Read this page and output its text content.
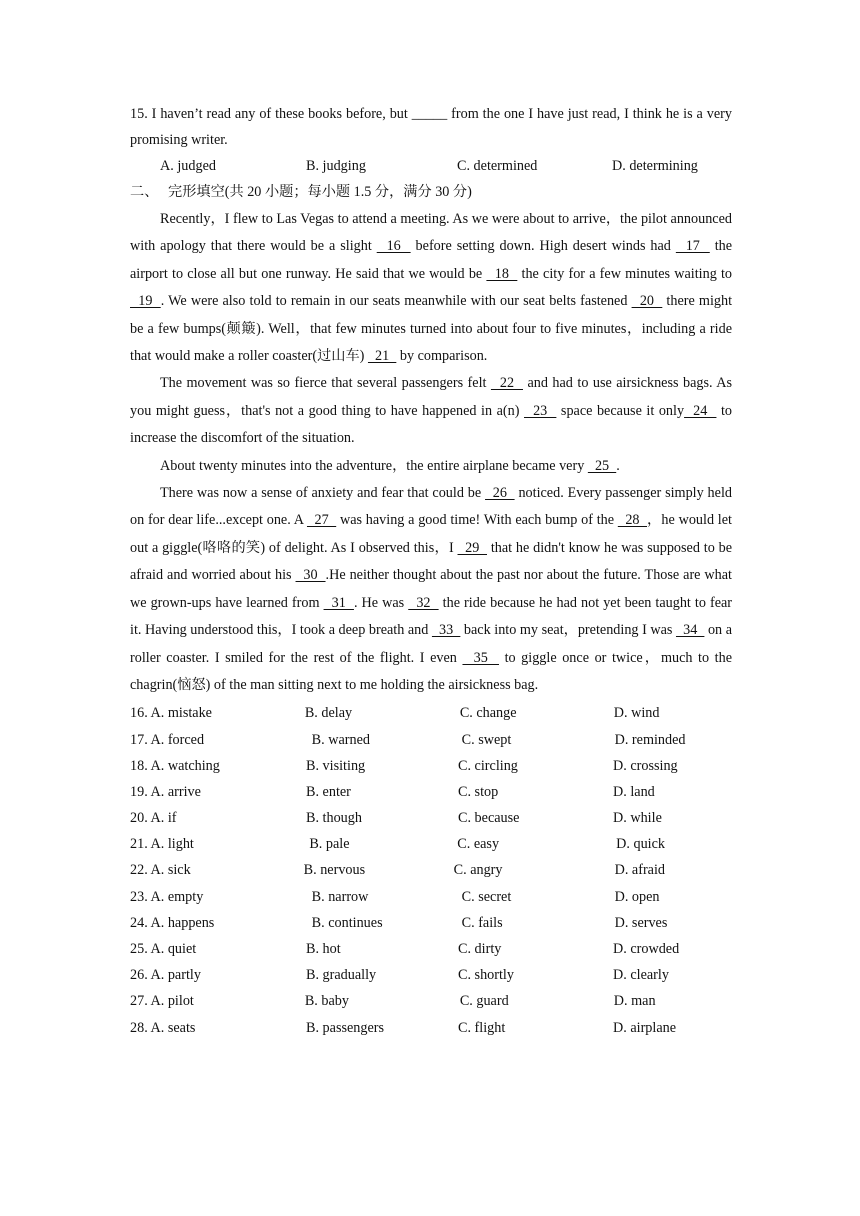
15. I haven’t read any of these books before, but _____ from the one I have just read, I think he is a very promising writer.

A. judged	B. judging	C. determined	D. determining
二、 完形填空(共 20 小题；每小题 1.5 分，满分 30 分)

Recently，I flew to Las Vegas to attend a meeting. As we were about to arrive，the pilot announced with apology that there would be a slight   16   before setting down. High desert winds had   17   the airport to close all but one runway. He said that we would be   18   the city for a few minutes waiting to   19  . We were also told to remain in our seats meanwhile with our seat belts fastened   20   there might be a few bumps(颠簸). Well，that few minutes turned into about four to five minutes，including a ride that would make a roller coaster(过山车)   21   by comparison.

The movement was so fierce that several passengers felt   22   and had to use airsickness bags. As you might guess，that's not a good thing to have happened in a(n)   23   space because it only  24   to increase the discomfort of the situation.

About twenty minutes into the adventure，the entire airplane became very   25  .

There was now a sense of anxiety and fear that could be   26   noticed. Every passenger simply held on for dear life...except one. A   27   was having a good time! With each bump of the   28  ，he would let out a giggle(咯咯的笑) of delight. As I observed this，I   29   that he didn't know he was supposed to be afraid and worried about his   30  .He neither thought about the past nor about the future. Those are what we grown-ups have learned from   31  . He was   32   the ride because he had not yet been taught to fear it. Having understood this，I took a deep breath and   33   back into my seat，pretending I was   34   on a roller coaster. I smiled for the rest of the flight. I even   35   to giggle once or twice，much to the chagrin(恼怒) of the man sitting next to me holding the airsickness bag.

16. A. mistake	B. delay	C. change	D. wind
17. A. forced	B. warned	C. swept	D. reminded
18. A. watching	B. visiting	C. circling	D. crossing
19. A. arrive	B. enter	C. stop	D. land
20. A. if	B. though	C. because	D. while
21. A. light	B. pale	C. easy	D. quick
22. A. sick	B. nervous	C. angry	D. afraid
23. A. empty	B. narrow	C. secret	D. open
24. A. happens	B. continues	C. fails	D. serves
25. A. quiet	B. hot	C. dirty	D. crowded
26. A. partly	B. gradually	C. shortly	D. clearly
27. A. pilot	B. baby	C. guard	D. man
28. A. seats	B. passengers	C. flight	D. airplane
